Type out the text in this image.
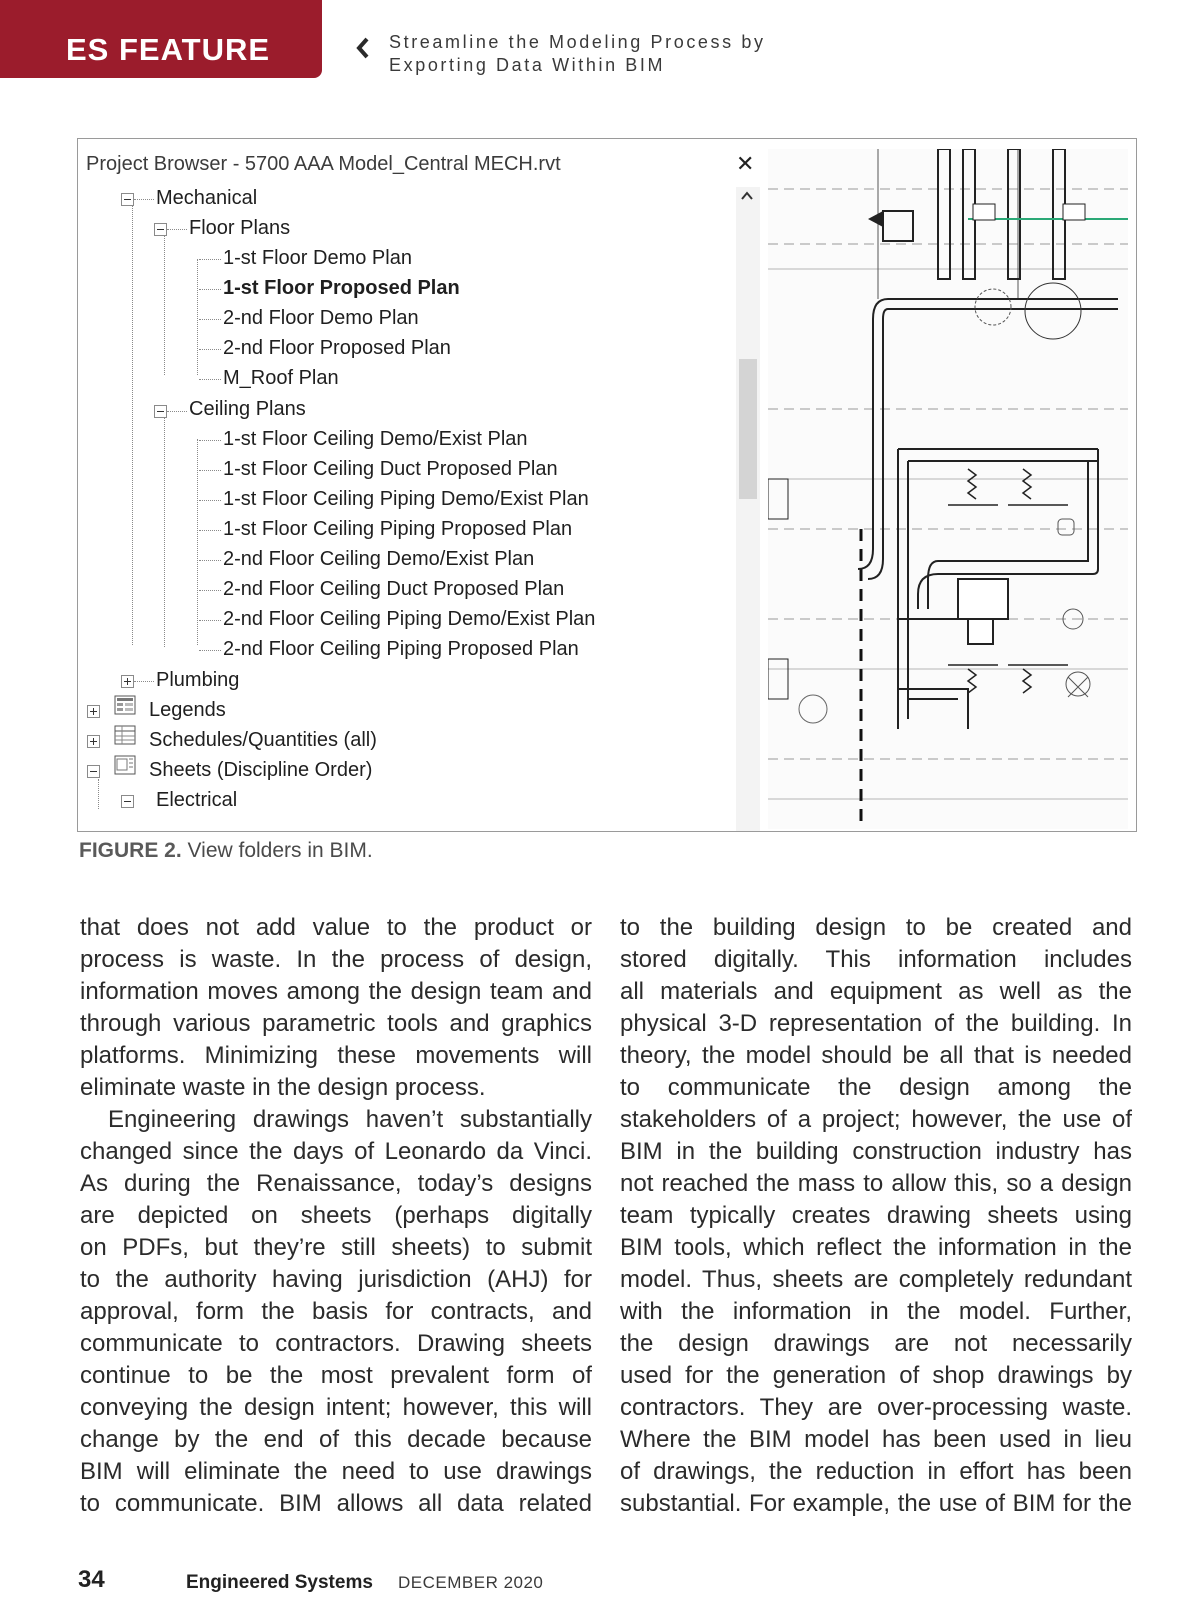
ES FEATURE	Streamline the Modeling Process by
Exporting Data Within BIM
Project Browser - 5700 AAA Model_Central MECH.rvt	✕
Mechanical
Floor Plans
1-st Floor Demo Plan
1-st Floor Proposed Plan
2-nd Floor Demo Plan
2-nd Floor Proposed Plan
M_Roof Plan
Ceiling Plans
1-st Floor Ceiling Demo/Exist Plan
1-st Floor Ceiling Duct Proposed Plan
1-st Floor Ceiling Piping Demo/Exist Plan
1-st Floor Ceiling Piping Proposed Plan
2-nd Floor Ceiling Demo/Exist Plan
2-nd Floor Ceiling Duct Proposed Plan
2-nd Floor Ceiling Piping Demo/Exist Plan
2-nd Floor Ceiling Piping Proposed Plan
Plumbing
Legends
Schedules/Quantities (all)
Sheets (Discipline Order)
Electrical
FIGURE 2. View folders in BIM.
that does not add value to the product or
process is waste. In the process of design,
information moves among the design team and
through various parametric tools and graphics
platforms. Minimizing these movements will
eliminate waste in the design process.
Engineering drawings haven’t substantially
changed since the days of Leonardo da Vinci.
As during the Renaissance, today’s designs
are depicted on sheets (perhaps digitally
on PDFs, but they’re still sheets) to submit
to the authority having jurisdiction (AHJ) for
approval, form the basis for contracts, and
communicate to contractors. Drawing sheets
continue to be the most prevalent form of
conveying the design intent; however, this will
change by the end of this decade because
BIM will eliminate the need to use drawings
to communicate. BIM allows all data related
to the building design to be created and
stored digitally. This information includes
all materials and equipment as well as the
physical 3-D representation of the building. In
theory, the model should be all that is needed
to communicate the design among the
stakeholders of a project; however, the use of
BIM in the building construction industry has
not reached the mass to allow this, so a design
team typically creates drawing sheets using
BIM tools, which reflect the information in the
model. Thus, sheets are completely redundant
with the information in the model. Further,
the design drawings are not necessarily
used for the generation of shop drawings by
contractors. They are over-processing waste.
Where the BIM model has been used in lieu
of drawings, the reduction in effort has been
substantial. For example, the use of BIM for the
34	Engineered Systems DECEMBER 2020
